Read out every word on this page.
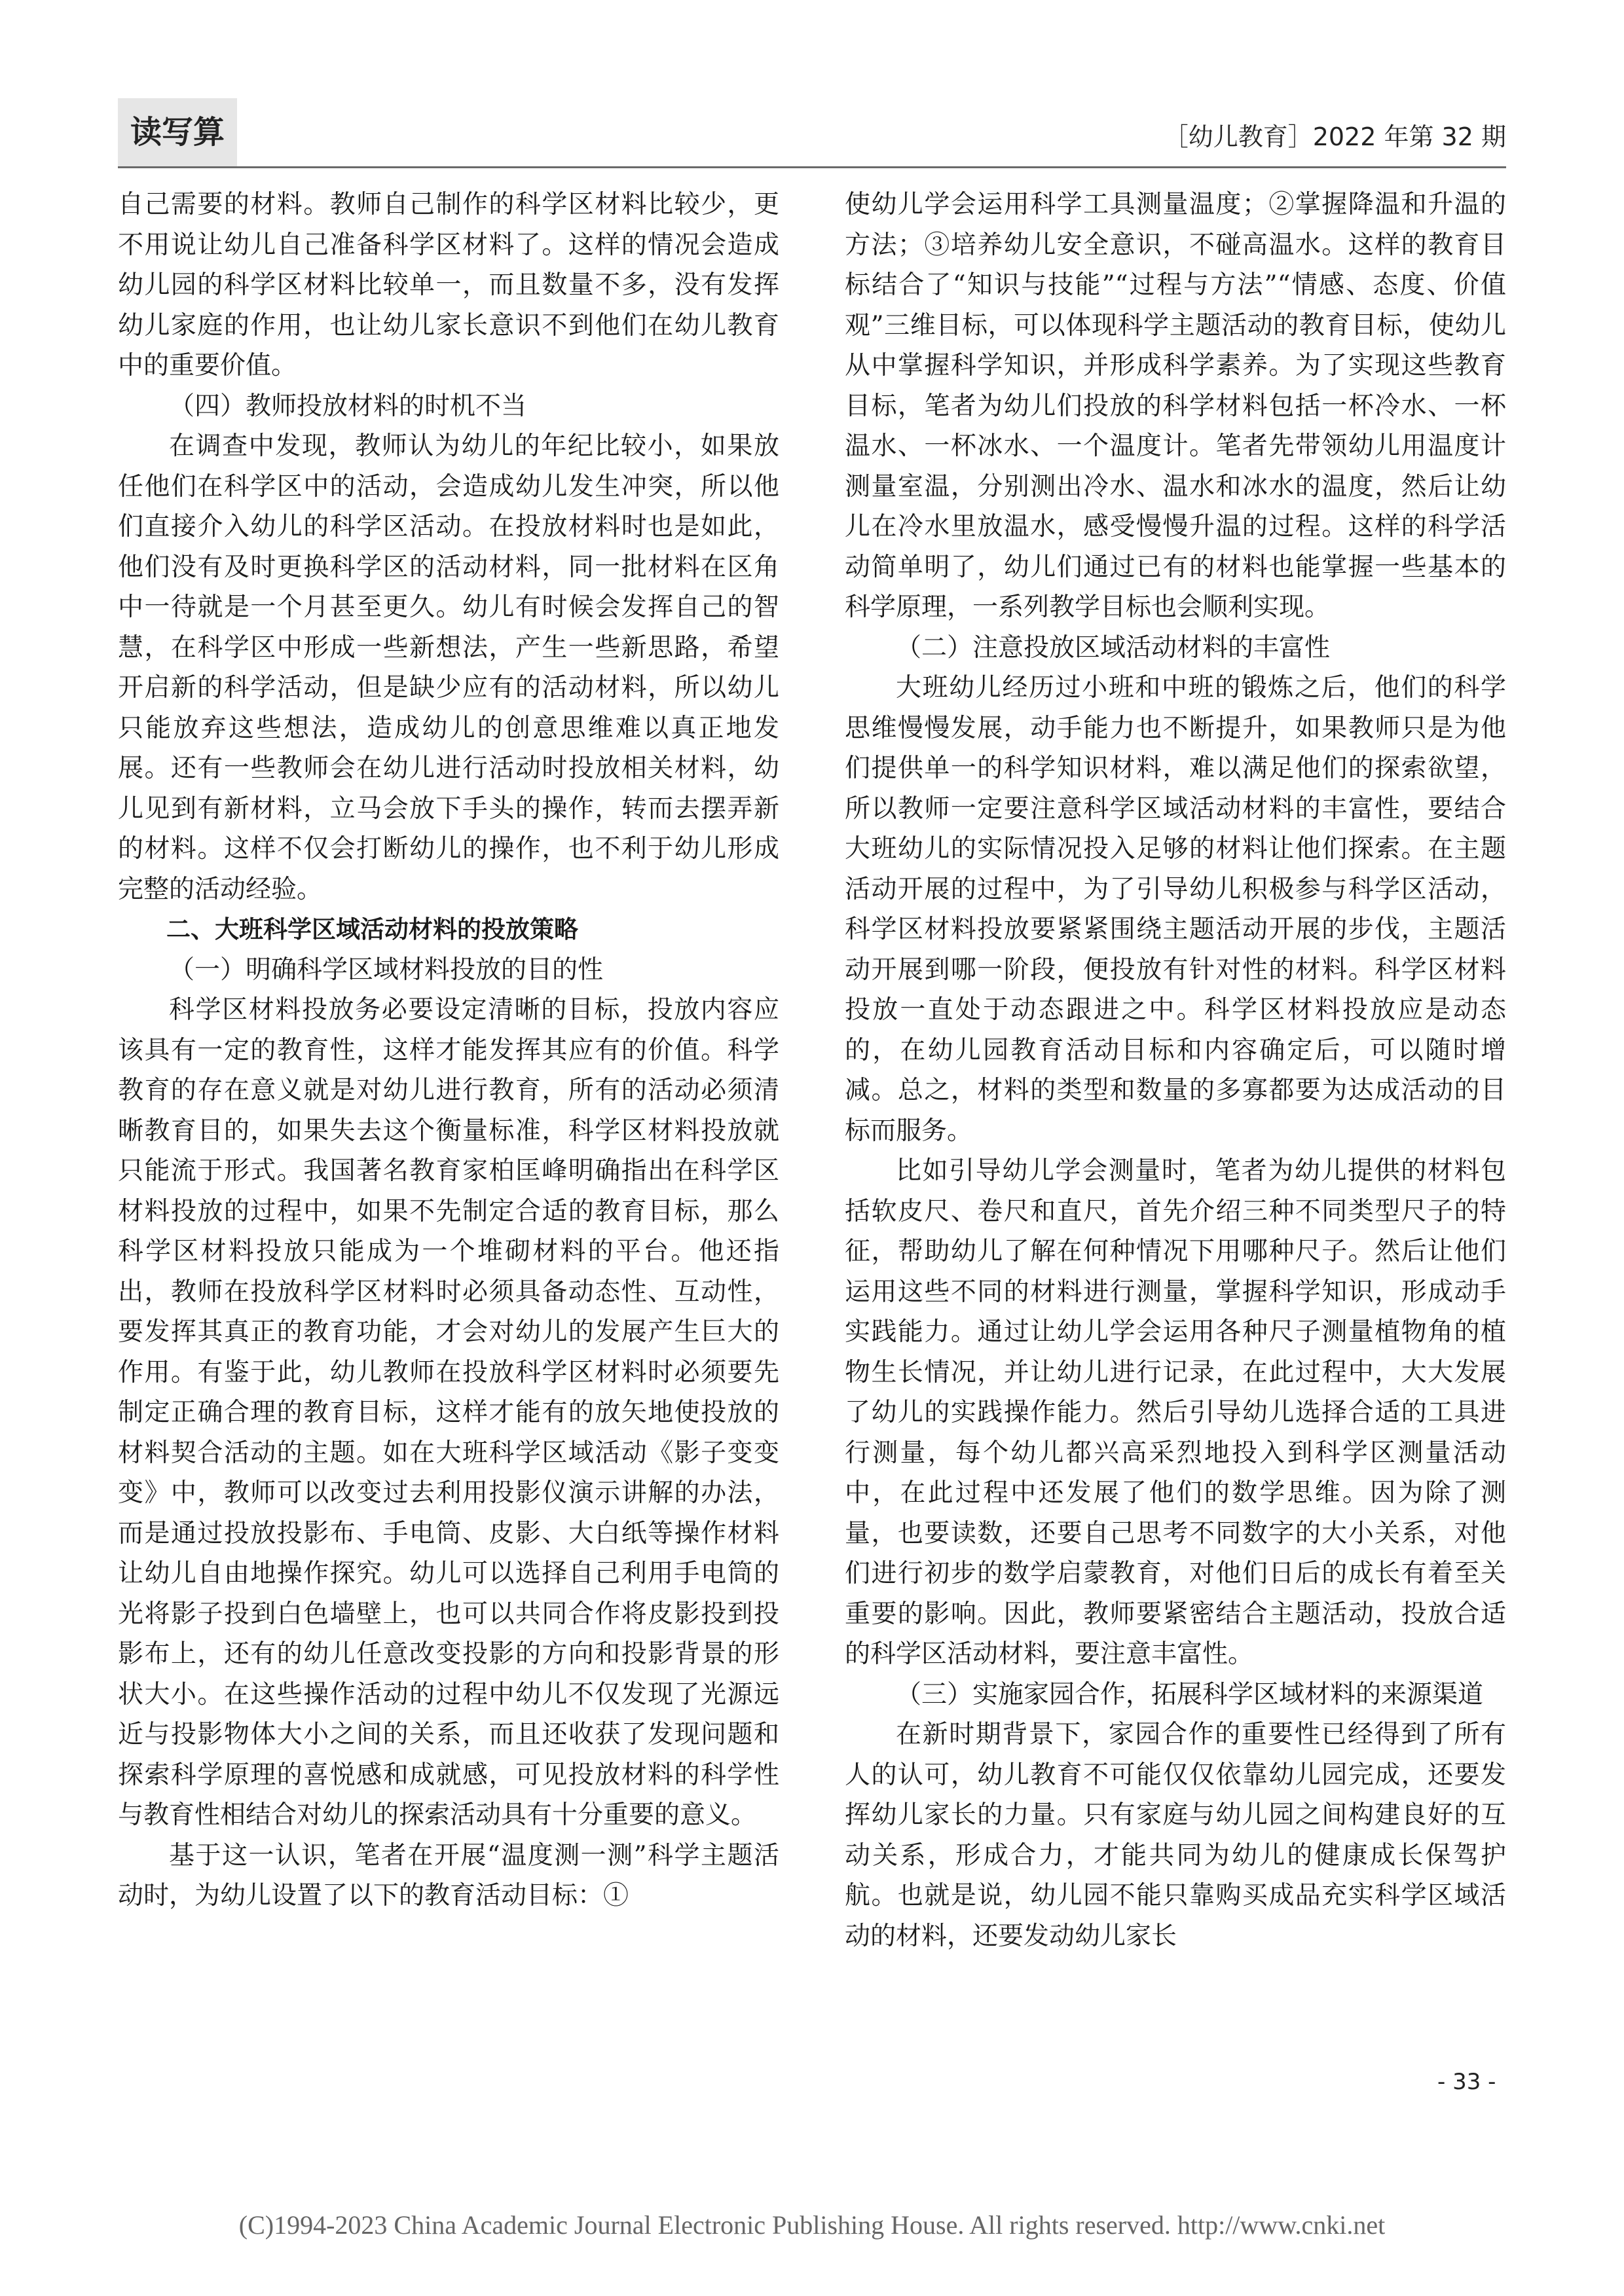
读写算	［幼儿教育］2022 年第 32 期

自己需要的材料。教师自己制作的科学区材料比较少，更不用说让幼儿自己准备科学区材料了。这样的情况会造成幼儿园的科学区材料比较单一，而且数量不多，没有发挥幼儿家庭的作用，也让幼儿家长意识不到他们在幼儿教育中的重要价值。

（四）教师投放材料的时机不当

在调查中发现，教师认为幼儿的年纪比较小，如果放任他们在科学区中的活动，会造成幼儿发生冲突，所以他们直接介入幼儿的科学区活动。在投放材料时也是如此，他们没有及时更换科学区的活动材料，同一批材料在区角中一待就是一个月甚至更久。幼儿有时候会发挥自己的智慧，在科学区中形成一些新想法，产生一些新思路，希望开启新的科学活动，但是缺少应有的活动材料，所以幼儿只能放弃这些想法，造成幼儿的创意思维难以真正地发展。还有一些教师会在幼儿进行活动时投放相关材料，幼儿见到有新材料，立马会放下手头的操作，转而去摆弄新的材料。这样不仅会打断幼儿的操作，也不利于幼儿形成完整的活动经验。

二、大班科学区域活动材料的投放策略

（一）明确科学区域材料投放的目的性

科学区材料投放务必要设定清晰的目标，投放内容应该具有一定的教育性，这样才能发挥其应有的价值。科学教育的存在意义就是对幼儿进行教育，所有的活动必须清晰教育目的，如果失去这个衡量标准，科学区材料投放就只能流于形式。我国著名教育家柏匡峰明确指出在科学区材料投放的过程中，如果不先制定合适的教育目标，那么科学区材料投放只能成为一个堆砌材料的平台。他还指出，教师在投放科学区材料时必须具备动态性、互动性，要发挥其真正的教育功能，才会对幼儿的发展产生巨大的作用。有鉴于此，幼儿教师在投放科学区材料时必须要先制定正确合理的教育目标，这样才能有的放矢地使投放的材料契合活动的主题。如在大班科学区域活动《影子变变变》中，教师可以改变过去利用投影仪演示讲解的办法，而是通过投放投影布、手电筒、皮影、大白纸等操作材料让幼儿自由地操作探究。幼儿可以选择自己利用手电筒的光将影子投到白色墙壁上，也可以共同合作将皮影投到投影布上，还有的幼儿任意改变投影的方向和投影背景的形状大小。在这些操作活动的过程中幼儿不仅发现了光源远近与投影物体大小之间的关系，而且还收获了发现问题和探索科学原理的喜悦感和成就感，可见投放材料的科学性与教育性相结合对幼儿的探索活动具有十分重要的意义。

基于这一认识，笔者在开展“温度测一测”科学主题活动时，为幼儿设置了以下的教育活动目标：①

使幼儿学会运用科学工具测量温度；②掌握降温和升温的方法；③培养幼儿安全意识，不碰高温水。这样的教育目标结合了“知识与技能”“过程与方法”“情感、态度、价值观”三维目标，可以体现科学主题活动的教育目标，使幼儿从中掌握科学知识，并形成科学素养。为了实现这些教育目标，笔者为幼儿们投放的科学材料包括一杯冷水、一杯温水、一杯冰水、一个温度计。笔者先带领幼儿用温度计测量室温，分别测出冷水、温水和冰水的温度，然后让幼儿在冷水里放温水，感受慢慢升温的过程。这样的科学活动简单明了，幼儿们通过已有的材料也能掌握一些基本的科学原理，一系列教学目标也会顺利实现。

（二）注意投放区域活动材料的丰富性

大班幼儿经历过小班和中班的锻炼之后，他们的科学思维慢慢发展，动手能力也不断提升，如果教师只是为他们提供单一的科学知识材料，难以满足他们的探索欲望，所以教师一定要注意科学区域活动材料的丰富性，要结合大班幼儿的实际情况投入足够的材料让他们探索。在主题活动开展的过程中，为了引导幼儿积极参与科学区活动，科学区材料投放要紧紧围绕主题活动开展的步伐，主题活动开展到哪一阶段，便投放有针对性的材料。科学区材料投放一直处于动态跟进之中。科学区材料投放应是动态的，在幼儿园教育活动目标和内容确定后，可以随时增减。总之，材料的类型和数量的多寡都要为达成活动的目标而服务。

比如引导幼儿学会测量时，笔者为幼儿提供的材料包括软皮尺、卷尺和直尺，首先介绍三种不同类型尺子的特征，帮助幼儿了解在何种情况下用哪种尺子。然后让他们运用这些不同的材料进行测量，掌握科学知识，形成动手实践能力。通过让幼儿学会运用各种尺子测量植物角的植物生长情况，并让幼儿进行记录，在此过程中，大大发展了幼儿的实践操作能力。然后引导幼儿选择合适的工具进行测量，每个幼儿都兴高采烈地投入到科学区测量活动中，在此过程中还发展了他们的数学思维。因为除了测量，也要读数，还要自己思考不同数字的大小关系，对他们进行初步的数学启蒙教育，对他们日后的成长有着至关重要的影响。因此，教师要紧密结合主题活动，投放合适的科学区活动材料，要注意丰富性。

（三）实施家园合作，拓展科学区域材料的来源渠道

在新时期背景下，家园合作的重要性已经得到了所有人的认可，幼儿教育不可能仅仅依靠幼儿园完成，还要发挥幼儿家长的力量。只有家庭与幼儿园之间构建良好的互动关系，形成合力，才能共同为幼儿的健康成长保驾护航。也就是说，幼儿园不能只靠购买成品充实科学区域活动的材料，还要发动幼儿家长

- 33 -
(C)1994-2023 China Academic Journal Electronic Publishing House. All rights reserved. http://www.cnki.net
